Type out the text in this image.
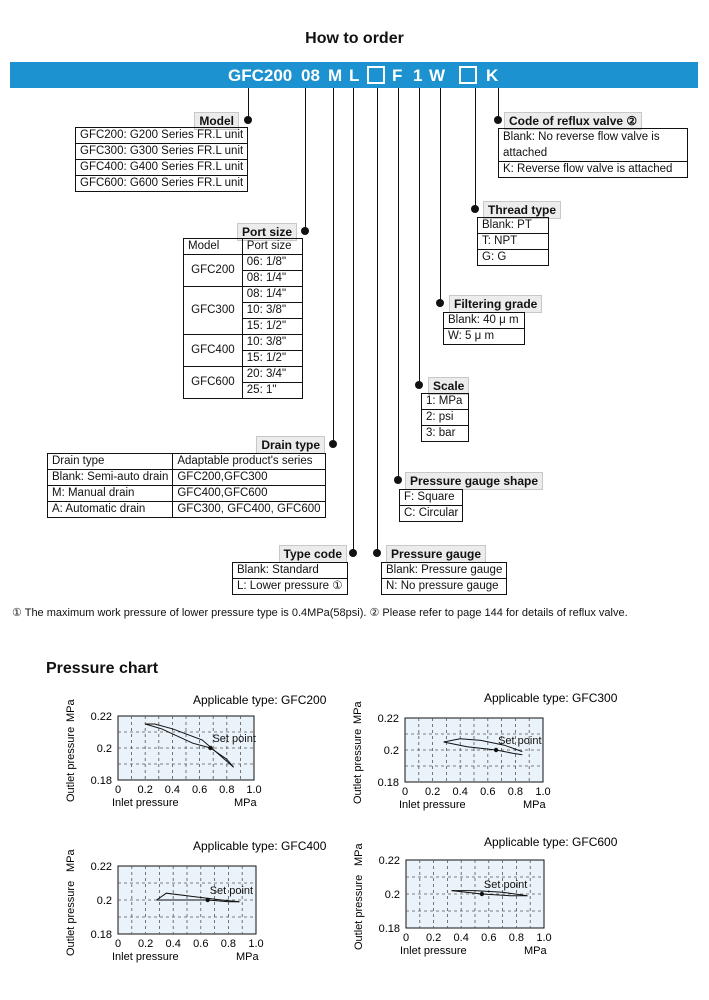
How to order
GFC200 08 M L F 1 W K
Model
GFC200: G200 Series FR.L unit
GFC300: G300 Series FR.L unit
GFC400: G400 Series FR.L unit
GFC600: G600 Series FR.L unit
Port size
Model	Port size
GFC200	06: 1/8"
	08: 1/4"
GFC300	08: 1/4"
	10: 3/8"
	15: 1/2"
GFC400	10: 3/8"
	15: 1/2"
GFC600	20: 3/4"
	25: 1"
Drain type
Drain type	Adaptable product's series
Blank: Semi-auto drain	GFC200,GFC300
M: Manual drain	GFC400,GFC600
A: Automatic drain	GFC300, GFC400, GFC600
Type code
Blank: Standard
L: Lower pressure ①
Pressure gauge
Blank: Pressure gauge
N: No pressure gauge
Pressure gauge shape
F: Square
C: Circular
Scale
1: MPa
2: psi
3: bar
Filtering grade
Blank: 40 μ m
W: 5 μ m
Thread type
Blank: PT
T: NPT
G: G
Code of reflux valve ②
Blank: No reverse flow valve is attached
K: Reverse flow valve is attached
① The maximum work pressure of lower pressure type is 0.4MPa(58psi). ② Please refer to page 144 for details of reflux valve.
Pressure chart
Set point
0.22
0.2
0.18
0 0.2 0.4 0.6 0.8 1.0
Inlet pressure	MPa
Outlet pressure
MPa	Applicable type: GFC200
Set point
0.22
0.2
0.18
0 0.2 0.4 0.6 0.8 1.0
Inlet pressure	MPa
Outlet pressure
MPa
Applicable type: GFC300
Set point
0.22
0.2
0.18
0 0.2 0.4 0.6 0.8 1.0
Inlet pressure	MPa
Outlet pressure
MPa
Applicable type: GFC400
Set point
0.22
0.2
0.18
0 0.2 0.4 0.6 0.8 1.0
Inlet pressure	MPa
Outlet pressure
MPa
Applicable type: GFC600
